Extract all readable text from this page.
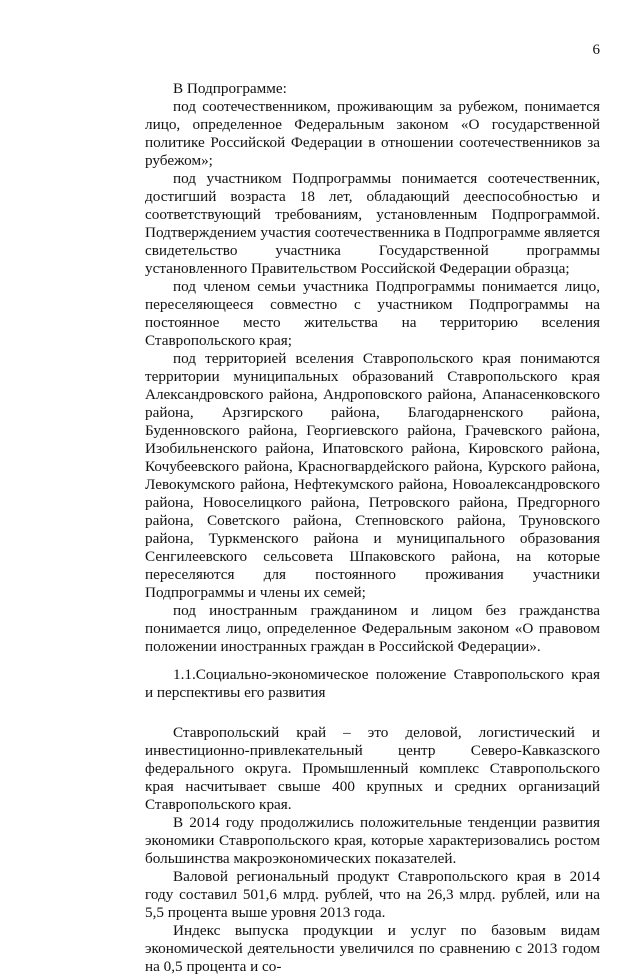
6

В Подпрограмме:

под соотечественником, проживающим за рубежом, понимается лицо, определенное Федеральным законом «О государственной политике Российской Федерации в отношении соотечественников за рубежом»;

под участником Подпрограммы понимается соотечественник, достигший возраста 18 лет, обладающий дееспособностью и соответствующий требованиям, установленным Подпрограммой. Подтверждением участия соотечественника в Подпрограмме является свидетельство участника Государственной программы установленного Правительством Российской Федерации образца;

под членом семьи участника Подпрограммы понимается лицо, переселяющееся совместно с участником Подпрограммы на постоянное место жительства на территорию вселения Ставропольского края;

под территорией вселения Ставропольского края понимаются территории муниципальных образований Ставропольского края Александровского района, Андроповского района, Апанасенковского района, Арзгирского района, Благодарненского района, Буденновского района, Георгиевского района, Грачевского района, Изобильненского района, Ипатовского района, Кировского района, Кочубеевского района, Красногвардейского района, Курского района, Левокумского района, Нефтекумского района, Новоалександровского района, Новоселицкого района, Петровского района, Предгорного района, Советского района, Степновского района, Труновского района, Туркменского района и муниципального образования Сенгилеевского сельсовета Шпаковского района, на которые переселяются для постоянного проживания участники Подпрограммы и члены их семей;

под иностранным гражданином и лицом без гражданства понимается лицо, определенное Федеральным законом «О правовом положении иностранных граждан в Российской Федерации».

1.1.Социально-экономическое положение Ставропольского края и перспективы его развития

Ставропольский край – это деловой, логистический и инвестиционно-привлекательный центр Северо-Кавказского федерального округа. Промышленный комплекс Ставропольского края насчитывает свыше 400 крупных и средних организаций Ставропольского края.

В 2014 году продолжились положительные тенденции развития экономики Ставропольского края, которые характеризовались ростом большинства макроэкономических показателей.

Валовой региональный продукт Ставропольского края в 2014 году составил 501,6 млрд. рублей, что на 26,3 млрд. рублей, или на 5,5 процента выше уровня 2013 года.

Индекс выпуска продукции и услуг по базовым видам экономической деятельности увеличился по сравнению с 2013 годом на 0,5 процента и со-
